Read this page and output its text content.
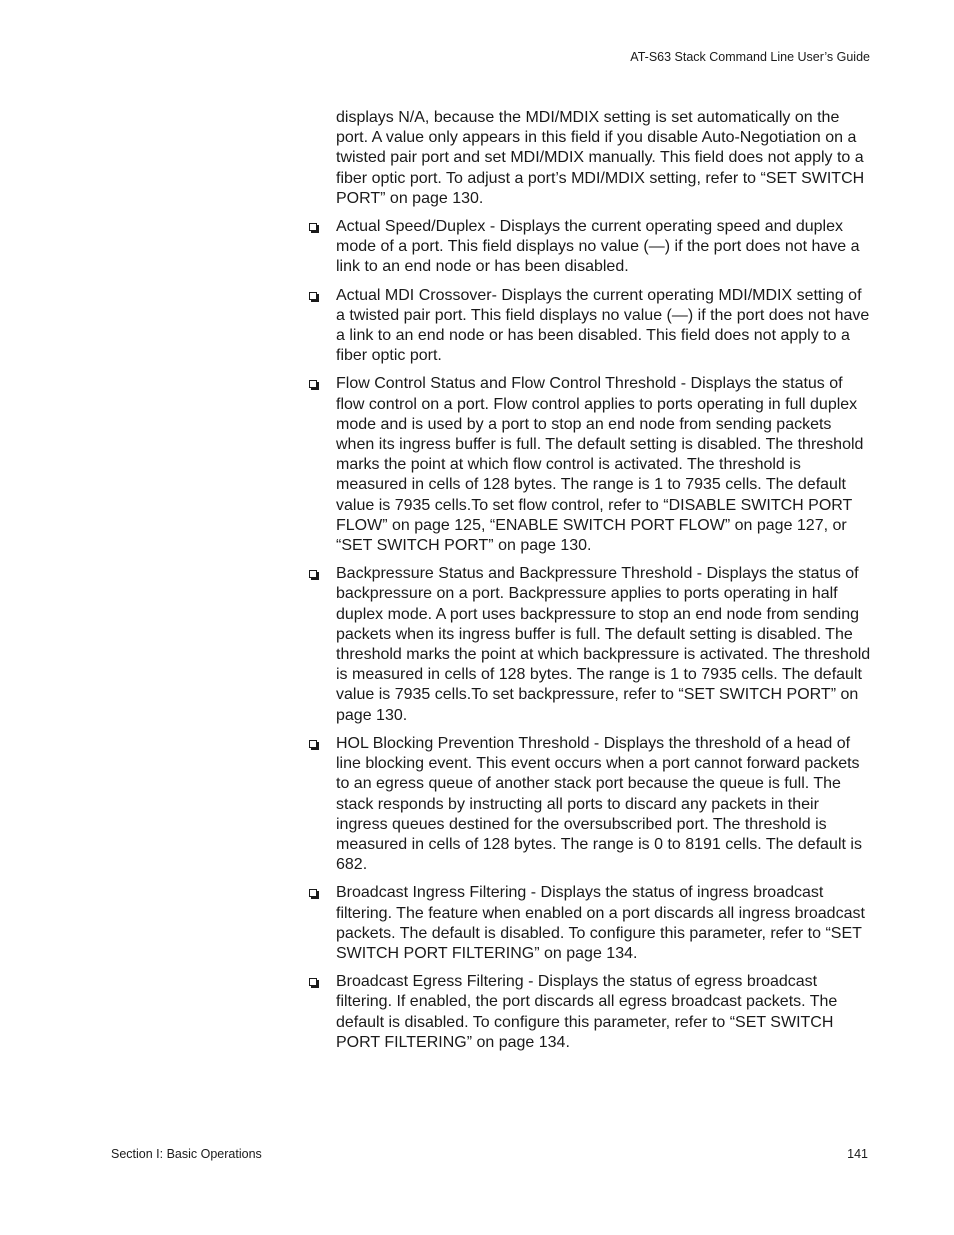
AT-S63 Stack Command Line User’s Guide

displays N/A, because the MDI/MDIX setting is set automatically on the port. A value only appears in this field if you disable Auto-Negotiation on a twisted pair port and set MDI/MDIX manually. This field does not apply to a fiber optic port. To adjust a port’s MDI/MDIX setting, refer to “SET SWITCH PORT” on page 130.

Actual Speed/Duplex - Displays the current operating speed and duplex mode of a port. This field displays no value (—) if the port does not have a link to an end node or has been disabled.
Actual MDI Crossover- Displays the current operating MDI/MDIX setting of a twisted pair port. This field displays no value (—) if the port does not have a link to an end node or has been disabled. This field does not apply to a fiber optic port.
Flow Control Status and Flow Control Threshold - Displays the status of flow control on a port. Flow control applies to ports operating in full duplex mode and is used by a port to stop an end node from sending packets when its ingress buffer is full. The default setting is disabled. The threshold marks the point at which flow control is activated. The threshold is measured in cells of 128 bytes. The range is 1 to 7935 cells. The default value is 7935 cells.To set flow control, refer to “DISABLE SWITCH PORT FLOW” on page 125, “ENABLE SWITCH PORT FLOW” on page 127, or “SET SWITCH PORT” on page 130.
Backpressure Status and Backpressure Threshold - Displays the status of backpressure on a port. Backpressure applies to ports operating in half duplex mode. A port uses backpressure to stop an end node from sending packets when its ingress buffer is full. The default setting is disabled. The threshold marks the point at which backpressure is activated. The threshold is measured in cells of 128 bytes. The range is 1 to 7935 cells. The default value is 7935 cells.To set backpressure, refer to “SET SWITCH PORT” on page 130.
HOL Blocking Prevention Threshold - Displays the threshold of a head of line blocking event. This event occurs when a port cannot forward packets to an egress queue of another stack port because the queue is full. The stack responds by instructing all ports to discard any packets in their ingress queues destined for the oversubscribed port. The threshold is measured in cells of 128 bytes. The range is 0 to 8191 cells. The default is 682.
Broadcast Ingress Filtering - Displays the status of ingress broadcast filtering. The feature when enabled on a port discards all ingress broadcast packets. The default is disabled. To configure this parameter, refer to “SET SWITCH PORT FILTERING” on page 134.
Broadcast Egress Filtering - Displays the status of egress broadcast filtering. If enabled, the port discards all egress broadcast packets. The default is disabled. To configure this parameter, refer to “SET SWITCH PORT FILTERING” on page 134.
Section I: Basic Operations	141
